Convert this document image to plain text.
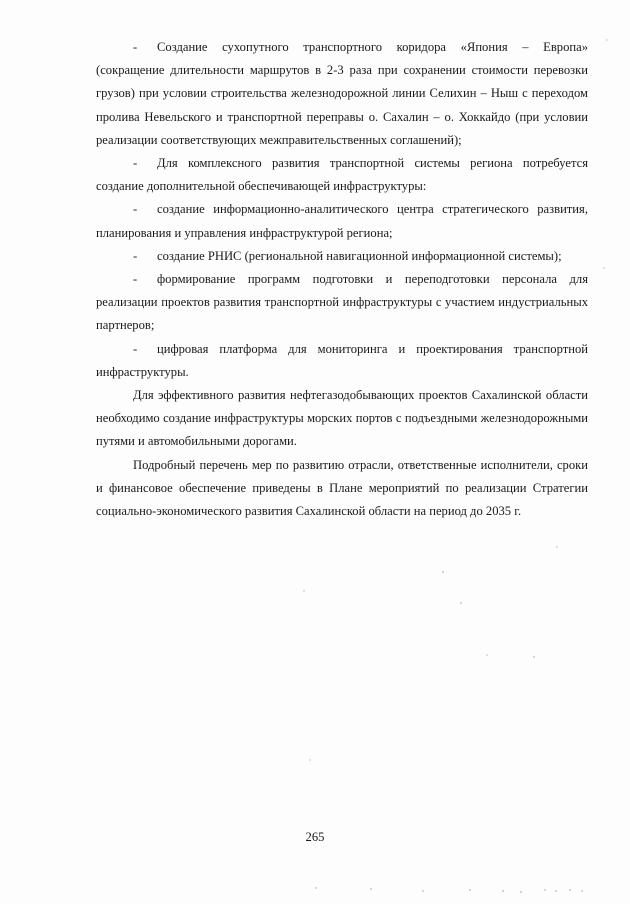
- Создание сухопутного транспортного коридора «Япония – Европа» (сокращение длительности маршрутов в 2-3 раза при сохранении стоимости перевозки грузов) при условии строительства железнодорожной линии Селихин – Ныш с переходом пролива Невельского и транспортной переправы о. Сахалин – о. Хоккайдо (при условии реализации соответствующих межправительственных соглашений);

- Для комплексного развития транспортной системы региона потребуется создание дополнительной обеспечивающей инфраструктуры:

- создание информационно-аналитического центра стратегического развития, планирования и управления инфраструктурой региона;

- создание РНИС (региональной навигационной информационной системы);

- формирование программ подготовки и переподготовки персонала для реализации проектов развития транспортной инфраструктуры с участием индустриальных партнеров;

- цифровая платформа для мониторинга и проектирования транспортной инфраструктуры.

Для эффективного развития нефтегазодобывающих проектов Сахалинской области необходимо создание инфраструктуры морских портов с подъездными железнодорожными путями и автомобильными дорогами.

Подробный перечень мер по развитию отрасли, ответственные исполнители, сроки и финансовое обеспечение приведены в Плане мероприятий по реализации Стратегии социально-экономического развития Сахалинской области на период до 2035 г.

265
